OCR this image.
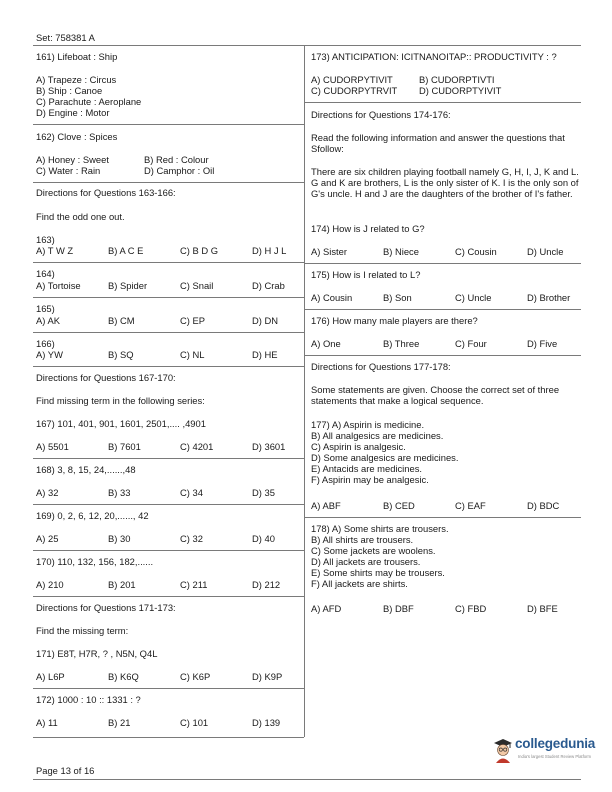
Set: 758381 A
161) Lifeboat : Ship
A) Trapeze : Circus
B) Ship : Canoe
C) Parachute : Aeroplane
D) Engine : Motor
162) Clove : Spices
A) Honey : Sweet	B) Red : Colour
C) Water : Rain	D) Camphor : Oil
Directions for Questions 163-166:
Find the odd one out.
163)
A) T W Z	B) A C E	C) B D G	D) H J L
164)
A) Tortoise	B) Spider	C) Snail	D) Crab
165)
A) AK	B) CM	C) EP	D) DN
166)
A) YW	B) SQ	C) NL	D) HE
Directions for Questions 167-170:
Find missing term in the following series:
167) 101, 401, 901, 1601, 2501,.... ,4901
A) 5501	B) 7601	C) 4201	D) 3601
168) 3, 8, 15, 24,......,48
A) 32	B) 33	C) 34	D) 35
169) 0, 2, 6, 12, 20,......, 42
A) 25	B) 30	C) 32	D) 40
170) 110, 132, 156, 182,......
A) 210	B) 201	C) 211	D) 212
Directions for Questions 171-173:
Find the missing term:
171) E8T, H7R, ? , N5N, Q4L
A) L6P	B) K6Q	C) K6P	D) K9P
172) 1000 : 10 :: 1331 : ?
A) 11	B) 21	C) 101	D) 139
173) ANTICIPATION: ICITNANOITAP:: PRODUCTIVITY : ?
A) CUDORPYTIVIT	B) CUDORPTIVTI
C) CUDORPYTRVIT D) CUDORPTYIVIT
Directions for Questions 174-176:
Read the following information and answer the questions that Sfollow:
There are six children playing football namely G, H, I, J, K and L. G and K are brothers, L is the only sister of K. I is the only son of G's uncle. H and J are the daughters of the brother of I's father.
174) How is J related to G?
A) Sister	B) Niece	C) Cousin	D) Uncle
175) How is I related to L?
A) Cousin	B) Son	C) Uncle	D) Brother
176) How many male players are there?
A) One	B) Three	C) Four	D) Five
Directions for Questions 177-178:
Some statements are given. Choose the correct set of three statements that make a logical sequence.
177) A) Aspirin is medicine.
B) All analgesics are medicines.
C) Aspirin is analgesic.
D) Some analgesics are medicines.
E) Antacids are medicines.
F) Aspirin may be analgesic.
A) ABF	B) CED	C) EAF	D) BDC
178) A) Some shirts are trousers.
B) All shirts are trousers.
C) Some jackets are woolens.
D) All jackets are trousers.
E) Some shirts may be trousers.
F) All jackets are shirts.
A) AFD	B) DBF	C) FBD	D) BFE
collegedunia
India's largest Student Review Platform
Page 13 of 16
